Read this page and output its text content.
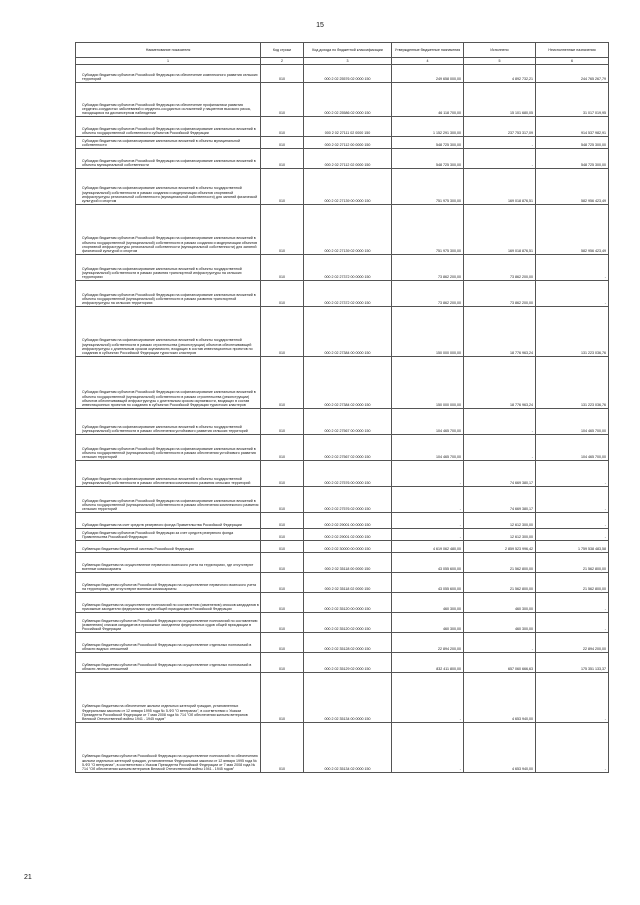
15
Наименование показателя	Код строки	Код дохода по бюджетной классификации	Утвержденные бюджетные назначения	Исполнено	Неисполненные назначения
1	2	3	4	5	6
Субсидии бюджетам субъектов Российской Федерации на обеспечение комплексного развития сельских территорий	010	000 2 02 25576 02 0000 150	249 658 000,00	4 892 732,21	244 765 267,79
Субсидии бюджетам субъектов Российской Федерации на обеспечение профилактики развития сердечно-сосудистых заболеваний и сердечно-сосудистых осложнений у пациентов высокого риска, находящихся на диспансерном наблюдении	010	000 2 02 25586 02 0000 150	46 118 700,00	15 101 680,05	31 017 019,95
Субсидии бюджетам субъектов Российской Федерации на софинансирование капитальных вложений в объекты государственной собственности субъектов Российской Федерации	010	000 2 02 27111 02 0000 150	1 152 291 300,00	237 753 317,09	914 537 982,91
Субсидии бюджетам на софинансирование капитальных вложений в объекты муниципальной собственности	010	000 2 02 27112 00 0000 150	548 725 300,00	-	548 725 300,00
Субсидии бюджетам субъектов Российской Федерации на софинансирование капитальных вложений в объекты муниципальной собственности	010	000 2 02 27112 02 0000 150	548 725 300,00	-	548 725 300,00
Субсидии бюджетам на софинансирование капитальных вложений в объекты государственной (муниципальной) собственности в рамках создания и модернизации объектов спортивной инфраструктуры региональной собственности (муниципальной собственности) для занятий физической культурой и спортом	010	000 2 02 27139 00 0000 150	751 975 300,00	169 018 876,51	582 956 423,49
Субсидии бюджетам субъектов Российской Федерации на софинансирование капитальных вложений в объекты государственной (муниципальной) собственности в рамках создания и модернизации объектов спортивной инфраструктуры региональной собственности (муниципальной собственности) для занятий физической культурой и спортом	010	000 2 02 27139 02 0000 150	751 975 300,00	169 018 876,51	582 956 423,49
Субсидии бюджетам на софинансирование капитальных вложений в объекты государственной (муниципальной) собственности в рамках развития транспортной инфраструктуры на сельских территориях	010	000 2 02 27372 00 0000 150	73 862 200,00	73 862 200,00	-
Субсидии бюджетам субъектов Российской Федерации на софинансирование капитальных вложений в объекты государственной (муниципальной) собственности в рамках развития транспортной инфраструктуры на сельских территориях	010	000 2 02 27372 02 0000 150	73 862 200,00	73 862 200,00	-
Субсидии бюджетам на софинансирование капитальных вложений в объекты государственной (муниципальной) собственности в рамках строительства (реконструкции) объектов обеспечивающей инфраструктуры с длительным сроком окупаемости, входящих в состав инвестиционных проектов по созданию в субъектах Российской Федерации туристских кластеров	010	000 2 02 27384 00 0000 150	150 000 000,00	18 776 963,24	131 223 036,76
Субсидии бюджетам субъектов Российской Федерации на софинансирование капитальных вложений в объекты государственной (муниципальной) собственности в рамках строительства (реконструкции) объектов обеспечивающей инфраструктуры с длительным сроком окупаемости, входящих в состав инвестиционных проектов по созданию в субъектах Российской Федерации туристских кластеров	010	000 2 02 27384 02 0000 150	150 000 000,00	18 776 963,24	131 223 036,76
Субсидии бюджетам на софинансирование капитальных вложений в объекты государственной (муниципальной) собственности в рамках обеспечения устойчивого развития сельских территорий	010	000 2 02 27567 00 0000 150	104 465 700,00	-	104 465 700,00
Субсидии бюджетам субъектов Российской Федерации на софинансирование капитальных вложений в объекты государственной (муниципальной) собственности в рамках обеспечения устойчивого развития сельских территорий	010	000 2 02 27567 02 0000 150	104 465 700,00	-	104 465 700,00
Субсидии бюджетам на софинансирование капитальных вложений в объекты государственной (муниципальной) собственности в рамках обеспечения комплексного развития сельских территорий	010	000 2 02 27576 00 0000 150	-	74 669 380,17	-
Субсидии бюджетам субъектов Российской Федерации на софинансирование капитальных вложений в объекты государственной (муниципальной) собственности в рамках обеспечения комплексного развития сельских территорий	010	000 2 02 27576 02 0000 150	-	74 669 380,17	-
Субсидии бюджетам на счет средств резервного фонда Правительства Российской Федерации	010	000 2 02 29001 00 0000 150	-	12 612 300,00	-
Субсидии бюджетам субъектов Российской Федерации за счет средств резервного фонда Правительства Российской Федерации	010	000 2 02 29001 02 0000 150	-	12 612 300,00	-
Субвенции бюджетам бюджетной системы Российской Федерации	010	000 2 02 30000 00 0000 150	4 619 062 480,00	2 859 523 996,42	1 759 538 483,58
Субвенции бюджетам на осуществление первичного воинского учета на территориях, где отсутствуют военные комиссариаты	010	000 2 02 35118 00 0000 150	43 055 600,00	21 562 800,00	21 562 800,00
Субвенции бюджетам субъектов Российской Федерации на осуществление первичного воинского учета на территориях, где отсутствуют военные комиссариаты	010	000 2 02 35118 02 0000 150	43 055 600,00	21 562 800,00	21 562 800,00
Субвенции бюджетам на осуществление полномочий по составлению (изменению) списков кандидатов в присяжные заседатели федеральных судов общей юрисдикции в Российской Федерации	010	000 2 02 35120 00 0000 150	460 300,00	460 300,00	-
Субвенции бюджетам субъектов Российской Федерации на осуществление полномочий по составлению (изменению) списков кандидатов в присяжные заседатели федеральных судов общей юрисдикции в Российской Федерации	010	000 2 02 35120 02 0000 150	460 300,00	460 300,00	-
Субвенции бюджетам субъектов Российской Федерации на осуществление отдельных полномочий в области водных отношений	010	000 2 02 35128 02 0000 150	22 894 200,00	-	22 894 200,00
Субвенции бюджетам субъектов Российской Федерации на осуществление отдельных полномочий в области лесных отношений	010	000 2 02 35129 02 0000 150	832 411 800,00	657 060 666,63	175 351 133,37
Субвенции бюджетам на обеспечение жильем отдельных категорий граждан, установленных Федеральным законом от 12 января 1995 года № 5-ФЗ "О ветеранах", в соответствии с Указом Президента Российской Федерации от 7 мая 2008 года № 714 "Об обеспечении жильем ветеранов Великой Отечественной войны 1941 - 1945 годов"	010	000 2 02 35134 00 0000 150	-	4 653 940,00	-
Субвенции бюджетам субъектов Российской Федерации на осуществление полномочий по обеспечению жильем отдельных категорий граждан, установленных Федеральным законом от 12 января 1995 года № 5-ФЗ "О ветеранах", в соответствии с Указом Президента Российской Федерации от 7 мая 2008 года № 714 "Об обеспечении жильем ветеранов Великой Отечественной войны 1941 - 1945 годов"	010	000 2 02 35134 02 0000 150	-	4 653 940,00	-
21
